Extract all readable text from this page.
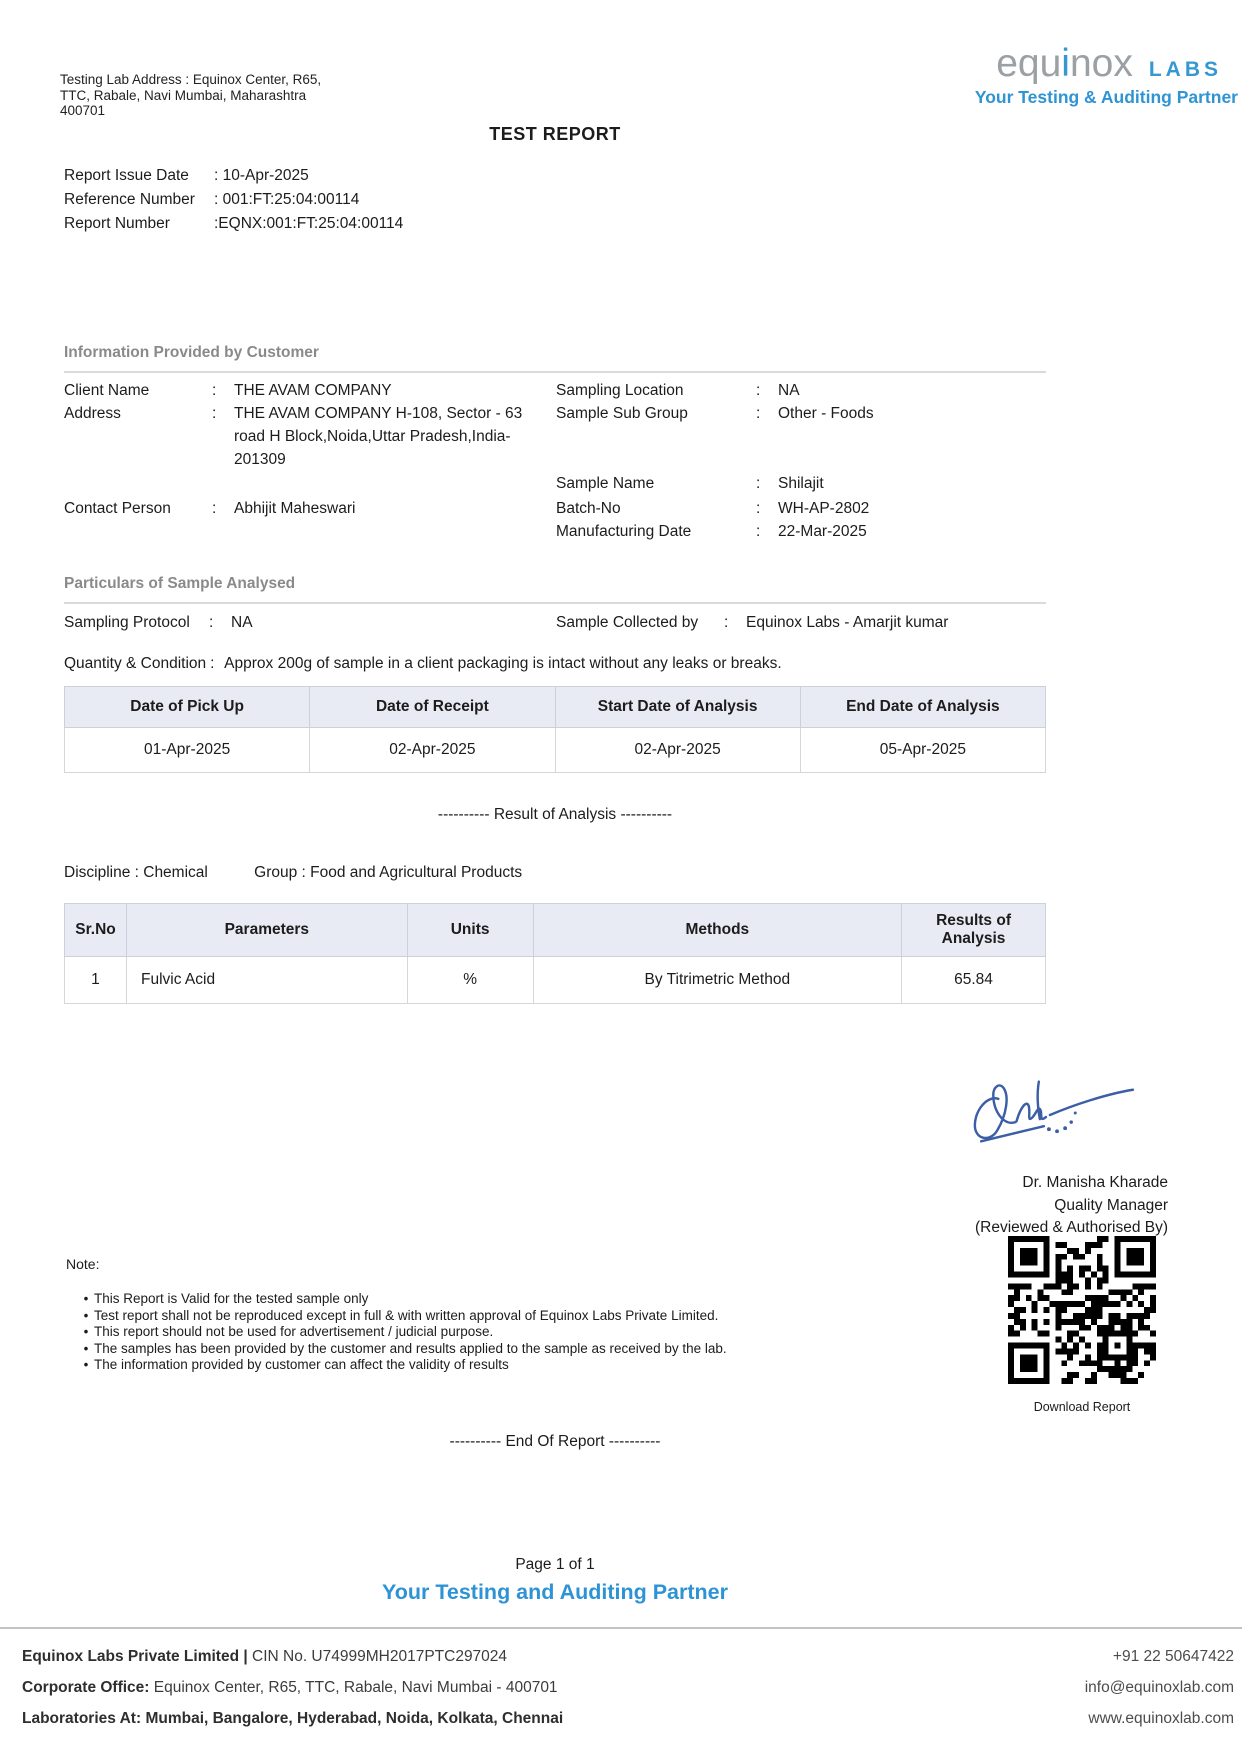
Testing Lab Address : Equinox Center, R65,
TTC, Rabale, Navi Mumbai, Maharashtra
400701
equinox LABS
Your Testing & Auditing Partner
TEST REPORT
Report Issue Date	: 10-Apr-2025
Reference Number	: 001:FT:25:04:00114
Report Number	:EQNX:001:FT:25:04:00114
Information Provided by Customer
Client Name	:	THE AVAM COMPANY
Address	:	THE AVAM COMPANY H-108, Sector - 63 road H Block,Noida,Uttar Pradesh,India- 201309
Contact Person	:	Abhijit Maheswari
Sampling Location	:	NA
Sample Sub Group	:	Other - Foods
Sample Name	:	Shilajit
Batch-No	:	WH-AP-2802
Manufacturing Date	:	22-Mar-2025
Particulars of Sample Analysed
Sampling Protocol	:	NA	Sample Collected by	:	Equinox Labs - Amarjit kumar
Quantity & Condition : Approx 200g of sample in a client packaging is intact without any leaks or breaks.
Date of Pick Up	Date of Receipt	Start Date of Analysis	End Date of Analysis
01-Apr-2025	02-Apr-2025	02-Apr-2025	05-Apr-2025
---------- Result of Analysis ----------
Discipline : Chemical	Group : Food and Agricultural Products
Sr.No	Parameters	Units	Methods	Results of Analysis
1	Fulvic Acid	%	By Titrimetric Method	65.84
Dr. Manisha Kharade
Quality Manager
(Reviewed & Authorised By)
Download Report
Note:
• This Report is Valid for the tested sample only
• Test report shall not be reproduced except in full & with written approval of Equinox Labs Private Limited.
• This report should not be used for advertisement / judicial purpose.
• The samples has been provided by the customer and results applied to the sample as received by the lab.
• The information provided by customer can affect the validity of results
---------- End Of Report ----------
Page 1 of 1
Your Testing and Auditing Partner
Equinox Labs Private Limited | CIN No. U74999MH2017PTC297024	+91 22 50647422
Corporate Office: Equinox Center, R65, TTC, Rabale, Navi Mumbai - 400701	info@equinoxlab.com
Laboratories At: Mumbai, Bangalore, Hyderabad, Noida, Kolkata, Chennai	www.equinoxlab.com
